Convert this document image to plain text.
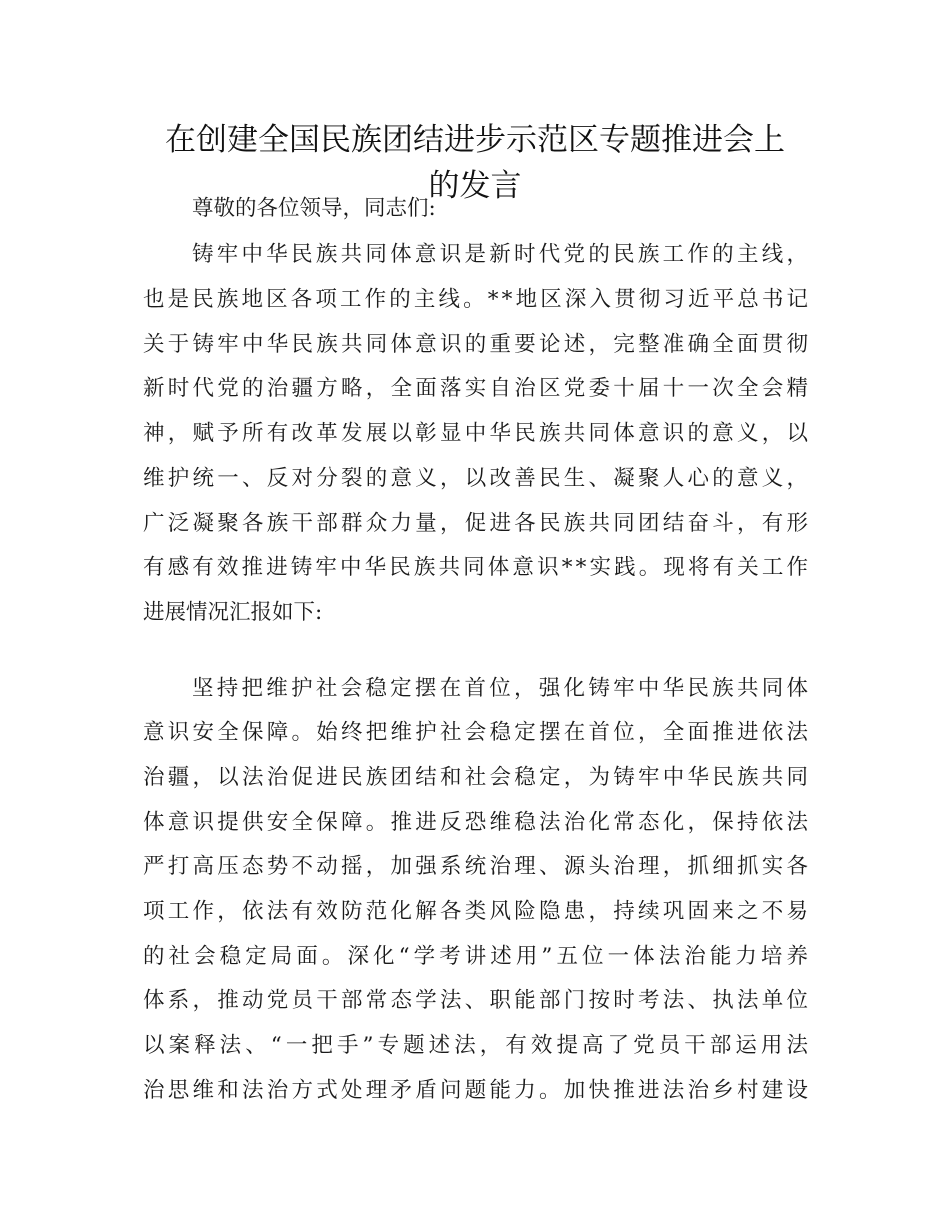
在创建全国民族团结进步示范区专题推进会上
的发言
尊敬的各位领导，同志们:
铸牢中华民族共同体意识是新时代党的民族工作的主线，
也是民族地区各项工作的主线。**地区深入贯彻习近平总书记
关于铸牢中华民族共同体意识的重要论述，完整准确全面贯彻
新时代党的治疆方略，全面落实自治区党委十届十一次全会精
神，赋予所有改革发展以彰显中华民族共同体意识的意义，以
维护统一、反对分裂的意义，以改善民生、凝聚人心的意义，
广泛凝聚各族干部群众力量，促进各民族共同团结奋斗，有形
有感有效推进铸牢中华民族共同体意识**实践。现将有关工作
进展情况汇报如下:
坚持把维护社会稳定摆在首位，强化铸牢中华民族共同体
意识安全保障。始终把维护社会稳定摆在首位，全面推进依法
治疆，以法治促进民族团结和社会稳定，为铸牢中华民族共同
体意识提供安全保障。推进反恐维稳法治化常态化，保持依法
严打高压态势不动摇，加强系统治理、源头治理，抓细抓实各
项工作，依法有效防范化解各类风险隐患，持续巩固来之不易
的社会稳定局面。深化“学考讲述用”五位一体法治能力培养
体系，推动党员干部常态学法、职能部门按时考法、执法单位
以案释法、“一把手”专题述法，有效提高了党员干部运用法
治思维和法治方式处理矛盾问题能力。加快推进法治乡村建设
